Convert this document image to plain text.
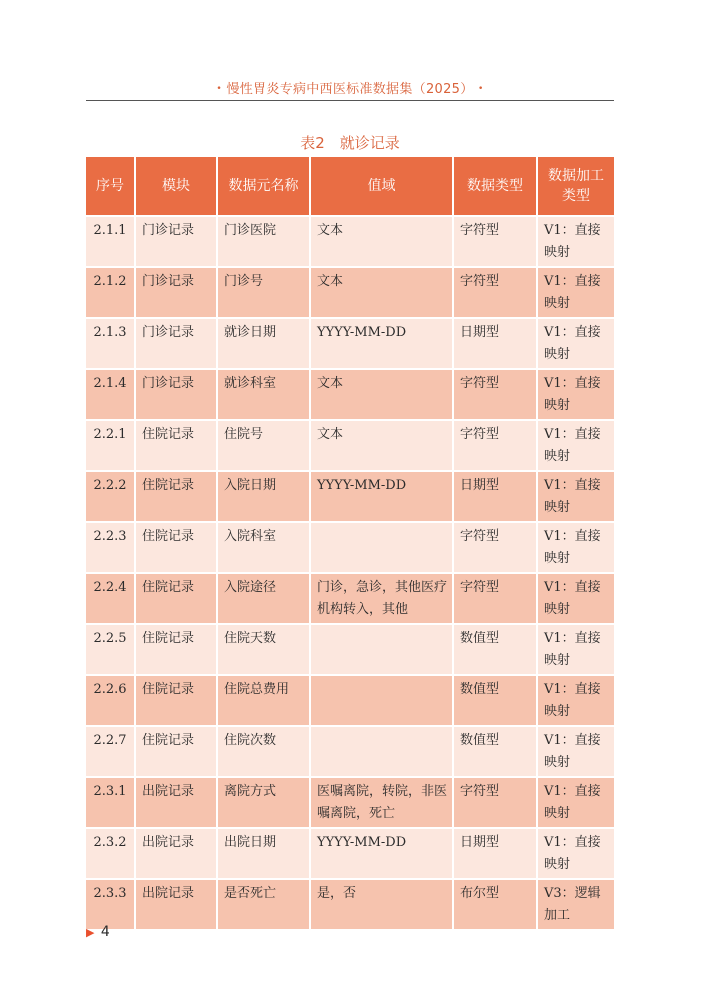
• 慢性胃炎专病中西医标准数据集（2025） •
表2　就诊记录
序号	模块	数据元名称	值域	数据类型	数据加工类型
2.1.1	门诊记录	门诊医院	文本	字符型	V1：直接映射
2.1.2	门诊记录	门诊号	文本	字符型	V1：直接映射
2.1.3	门诊记录	就诊日期	YYYY-MM-DD	日期型	V1：直接映射
2.1.4	门诊记录	就诊科室	文本	字符型	V1：直接映射
2.2.1	住院记录	住院号	文本	字符型	V1：直接映射
2.2.2	住院记录	入院日期	YYYY-MM-DD	日期型	V1：直接映射
2.2.3	住院记录	入院科室		字符型	V1：直接映射
2.2.4	住院记录	入院途径	门诊，急诊，其他医疗机构转入，其他	字符型	V1：直接映射
2.2.5	住院记录	住院天数		数值型	V1：直接映射
2.2.6	住院记录	住院总费用		数值型	V1：直接映射
2.2.7	住院记录	住院次数		数值型	V1：直接映射
2.3.1	出院记录	离院方式	医嘱离院，转院，非医嘱离院，死亡	字符型	V1：直接映射
2.3.2	出院记录	出院日期	YYYY-MM-DD	日期型	V1：直接映射
2.3.3	出院记录	是否死亡	是，否	布尔型	V3：逻辑加工
▶ 4
